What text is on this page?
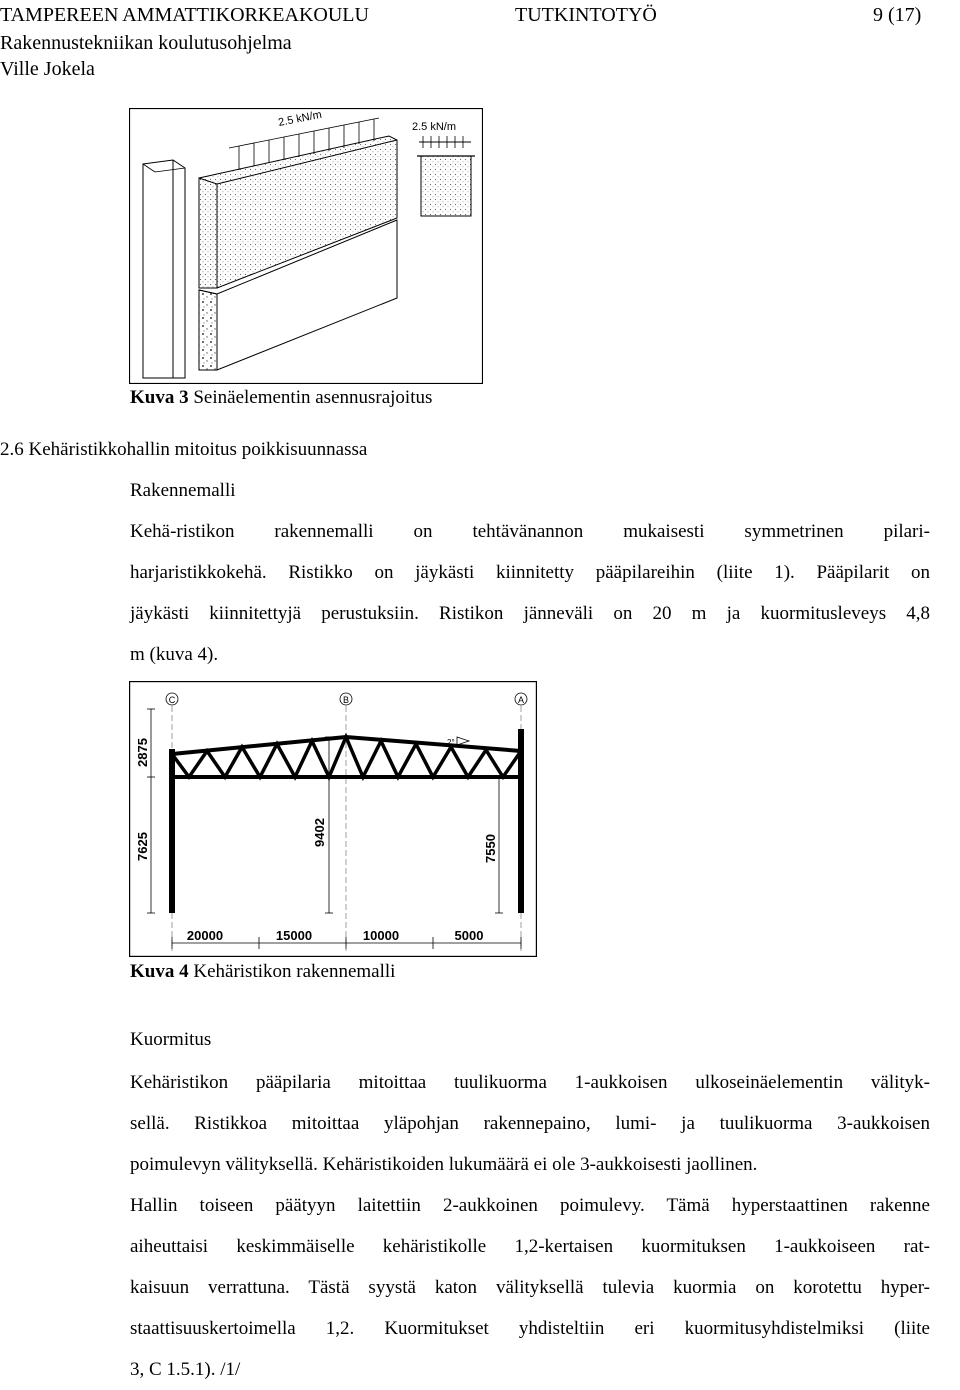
TAMPEREEN AMMATTIKORKEAKOULU	TUTKINTOTYÖ	9 (17)
Rakennustekniikan koulutusohjelma
Ville Jokela
2.5 kN/m	2.5 kN/m
Kuva 3 Seinäelementin asennusrajoitus
2.6 Kehäristikkohallin mitoitus poikkisuunnassa
Rakennemalli
Kehä-ristikon rakennemalli on tehtävänannon mukaisesti symmetrinen pilari-
harjaristikkokehä. Ristikko on jäykästi kiinnitetty pääpilareihin (liite 1). Pääpilarit on
jäykästi kiinnitettyjä perustuksiin. Ristikon jänneväli on 20 m ja kuormitusleveys 4,8
m (kuva 4).
C	B	A
2°
2875
7625	9402
7550
20000	15000	10000	5000
Kuva 4 Kehäristikon rakennemalli
Kuormitus
Kehäristikon pääpilaria mitoittaa tuulikuorma 1-aukkoisen ulkoseinäelementin välityk-
sellä. Ristikkoa mitoittaa yläpohjan rakennepaino, lumi- ja tuulikuorma 3-aukkoisen
poimulevyn välityksellä. Kehäristikoiden lukumäärä ei ole 3-aukkoisesti jaollinen.
Hallin toiseen päätyyn laitettiin 2-aukkoinen poimulevy. Tämä hyperstaattinen rakenne
aiheuttaisi keskimmäiselle kehäristikolle 1,2-kertaisen kuormituksen 1-aukkoiseen rat-
kaisuun verrattuna. Tästä syystä katon välityksellä tulevia kuormia on korotettu hyper-
staattisuuskertoimella 1,2. Kuormitukset yhdisteltiin eri kuormitusyhdistelmiksi (liite
3, C 1.5.1). /1/
